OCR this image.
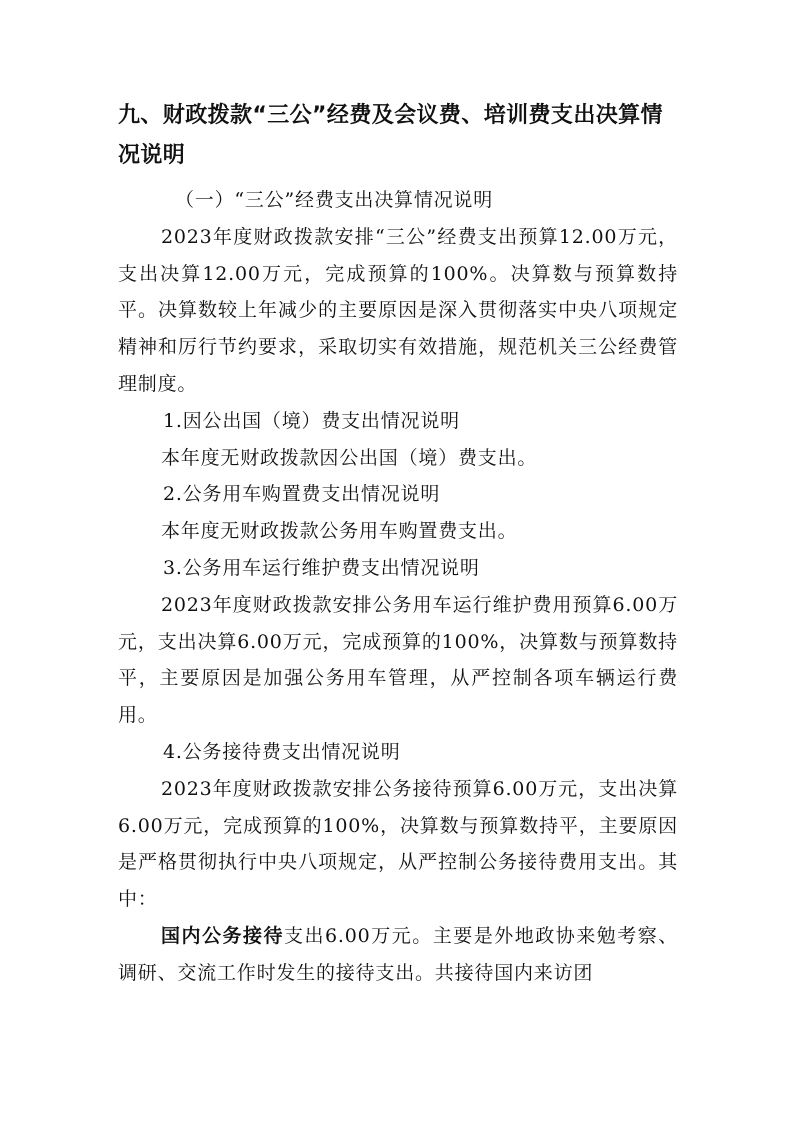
九、财政拨款“三公”经费及会议费、培训费支出决算情况说明

（一）“三公”经费支出决算情况说明

2023年度财政拨款安排“三公”经费支出预算12.00万元，支出决算12.00万元，完成预算的100%。决算数与预算数持平。决算数较上年减少的主要原因是深入贯彻落实中央八项规定精神和厉行节约要求，采取切实有效措施，规范机关三公经费管理制度。

1.因公出国（境）费支出情况说明

本年度无财政拨款因公出国（境）费支出。

2.公务用车购置费支出情况说明

本年度无财政拨款公务用车购置费支出。

3.公务用车运行维护费支出情况说明

2023年度财政拨款安排公务用车运行维护费用预算6.00万元，支出决算6.00万元，完成预算的100%，决算数与预算数持平，主要原因是加强公务用车管理，从严控制各项车辆运行费用。

4.公务接待费支出情况说明

2023年度财政拨款安排公务接待预算6.00万元，支出决算6.00万元，完成预算的100%，决算数与预算数持平，主要原因是严格贯彻执行中央八项规定，从严控制公务接待费用支出。其中：

国内公务接待支出6.00万元。主要是外地政协来勉考察、调研、交流工作时发生的接待支出。共接待国内来访团
